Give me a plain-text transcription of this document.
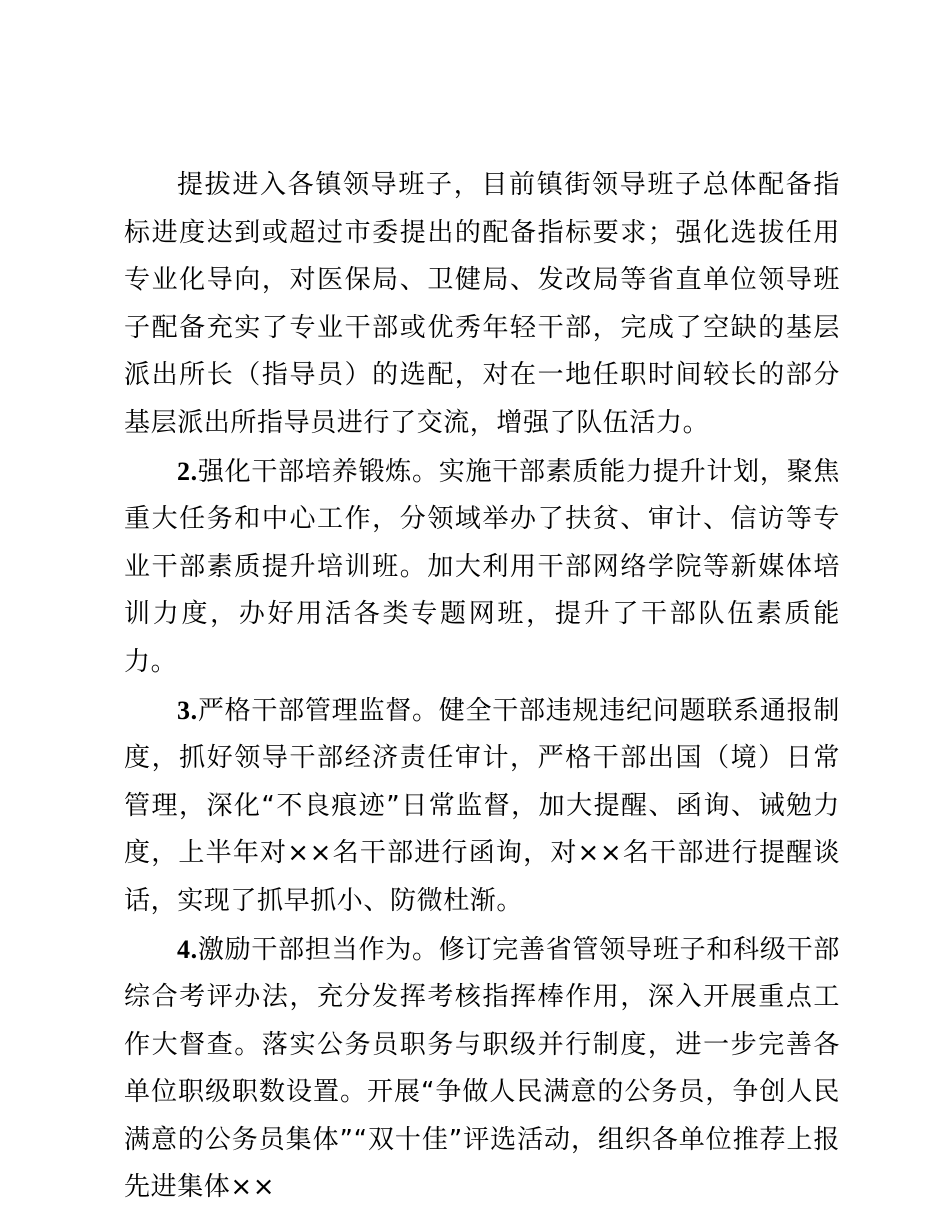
提拔进入各镇领导班子，目前镇街领导班子总体配备指标进度达到或超过市委提出的配备指标要求；强化选拔任用专业化导向，对医保局、卫健局、发改局等省直单位领导班子配备充实了专业干部或优秀年轻干部，完成了空缺的基层派出所长（指导员）的选配，对在一地任职时间较长的部分基层派出所指导员进行了交流，增强了队伍活力。

2.强化干部培养锻炼。实施干部素质能力提升计划，聚焦重大任务和中心工作，分领域举办了扶贫、审计、信访等专业干部素质提升培训班。加大利用干部网络学院等新媒体培训力度，办好用活各类专题网班，提升了干部队伍素质能力。

3.严格干部管理监督。健全干部违规违纪问题联系通报制度，抓好领导干部经济责任审计，严格干部出国（境）日常管理，深化“不良痕迹”日常监督，加大提醒、函询、诫勉力度，上半年对××名干部进行函询，对××名干部进行提醒谈话，实现了抓早抓小、防微杜渐。

4.激励干部担当作为。修订完善省管领导班子和科级干部综合考评办法，充分发挥考核指挥棒作用，深入开展重点工作大督查。落实公务员职务与职级并行制度，进一步完善各单位职级职数设置。开展“争做人民满意的公务员，争创人民满意的公务员集体”“双十佳”评选活动，组织各单位推荐上报先进集体××
